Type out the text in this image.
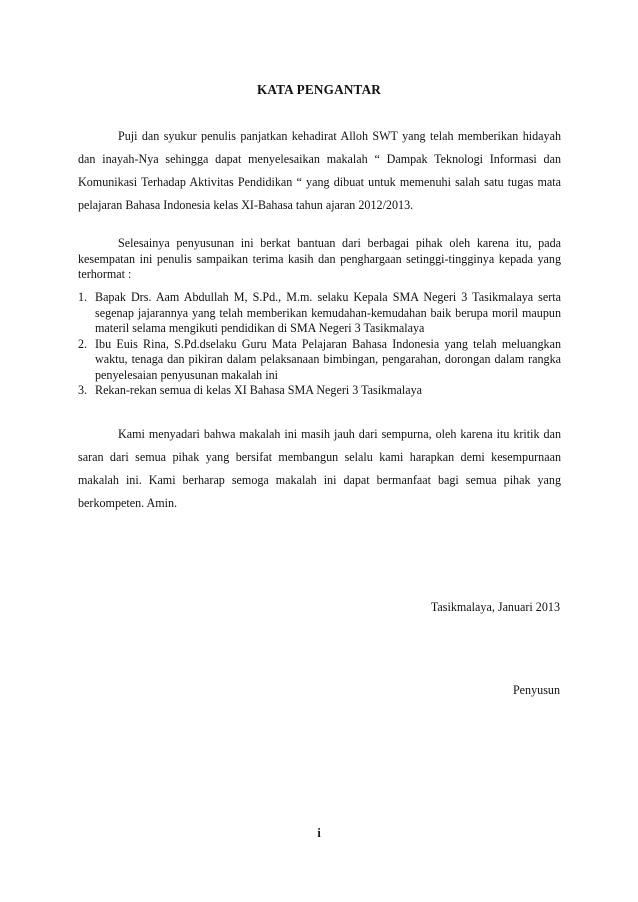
KATA PENGANTAR

Puji dan syukur penulis panjatkan kehadirat Alloh SWT yang telah memberikan hidayah dan inayah-Nya sehingga dapat menyelesaikan makalah “ Dampak Teknologi Informasi dan Komunikasi Terhadap Aktivitas Pendidikan “ yang dibuat untuk memenuhi salah satu tugas mata pelajaran Bahasa Indonesia kelas XI-Bahasa tahun ajaran 2012/2013.

Selesainya penyusunan ini berkat bantuan dari berbagai pihak oleh karena itu, pada kesempatan ini penulis sampaikan terima kasih dan penghargaan setinggi-tingginya kepada yang terhormat :

1. Bapak Drs. Aam Abdullah M, S.Pd., M.m. selaku Kepala SMA Negeri 3 Tasikmalaya serta segenap jajarannya yang telah memberikan kemudahan-kemudahan baik berupa moril maupun materil selama mengikuti pendidikan di SMA Negeri 3 Tasikmalaya
2. Ibu Euis Rina, S.Pd.dselaku Guru Mata Pelajaran Bahasa Indonesia yang telah meluangkan waktu, tenaga dan pikiran dalam pelaksanaan bimbingan, pengarahan, dorongan dalam rangka penyelesaian penyusunan makalah ini
3. Rekan-rekan semua di kelas XI Bahasa SMA Negeri 3 Tasikmalaya

Kami menyadari bahwa makalah ini masih jauh dari sempurna, oleh karena itu kritik dan saran dari semua pihak yang bersifat membangun selalu kami harapkan demi kesempurnaan makalah ini. Kami berharap semoga makalah ini dapat bermanfaat bagi semua pihak yang berkompeten. Amin.

Tasikmalaya, Januari 2013
Penyusun
i
